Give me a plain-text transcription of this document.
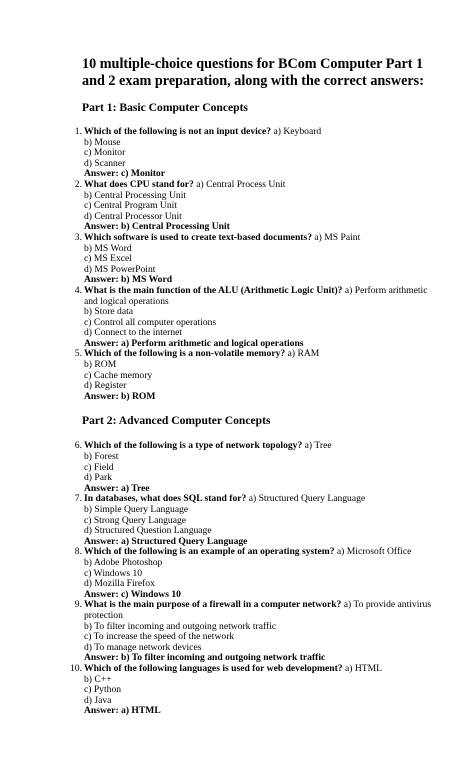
10 multiple-choice questions for BCom Computer Part 1 and 2 exam preparation, along with the correct answers:
Part 1: Basic Computer Concepts
1. Which of the following is not an input device? a) Keyboard
b) Mouse
c) Monitor
d) Scanner
Answer: c) Monitor
2. What does CPU stand for? a) Central Process Unit
b) Central Processing Unit
c) Central Program Unit
d) Central Processor Unit
Answer: b) Central Processing Unit
3. Which software is used to create text-based documents? a) MS Paint
b) MS Word
c) MS Excel
d) MS PowerPoint
Answer: b) MS Word
4. What is the main function of the ALU (Arithmetic Logic Unit)? a) Perform arithmetic and logical operations
b) Store data
c) Control all computer operations
d) Connect to the internet
Answer: a) Perform arithmetic and logical operations
5. Which of the following is a non-volatile memory? a) RAM
b) ROM
c) Cache memory
d) Register
Answer: b) ROM
Part 2: Advanced Computer Concepts
6. Which of the following is a type of network topology? a) Tree
b) Forest
c) Field
d) Park
Answer: a) Tree
7. In databases, what does SQL stand for? a) Structured Query Language
b) Simple Query Language
c) Strong Query Language
d) Structured Question Language
Answer: a) Structured Query Language
8. Which of the following is an example of an operating system? a) Microsoft Office
b) Adobe Photoshop
c) Windows 10
d) Mozilla Firefox
Answer: c) Windows 10
9. What is the main purpose of a firewall in a computer network? a) To provide antivirus protection
b) To filter incoming and outgoing network traffic
c) To increase the speed of the network
d) To manage network devices
Answer: b) To filter incoming and outgoing network traffic
10. Which of the following languages is used for web development? a) HTML
b) C++
c) Python
d) Java
Answer: a) HTML
